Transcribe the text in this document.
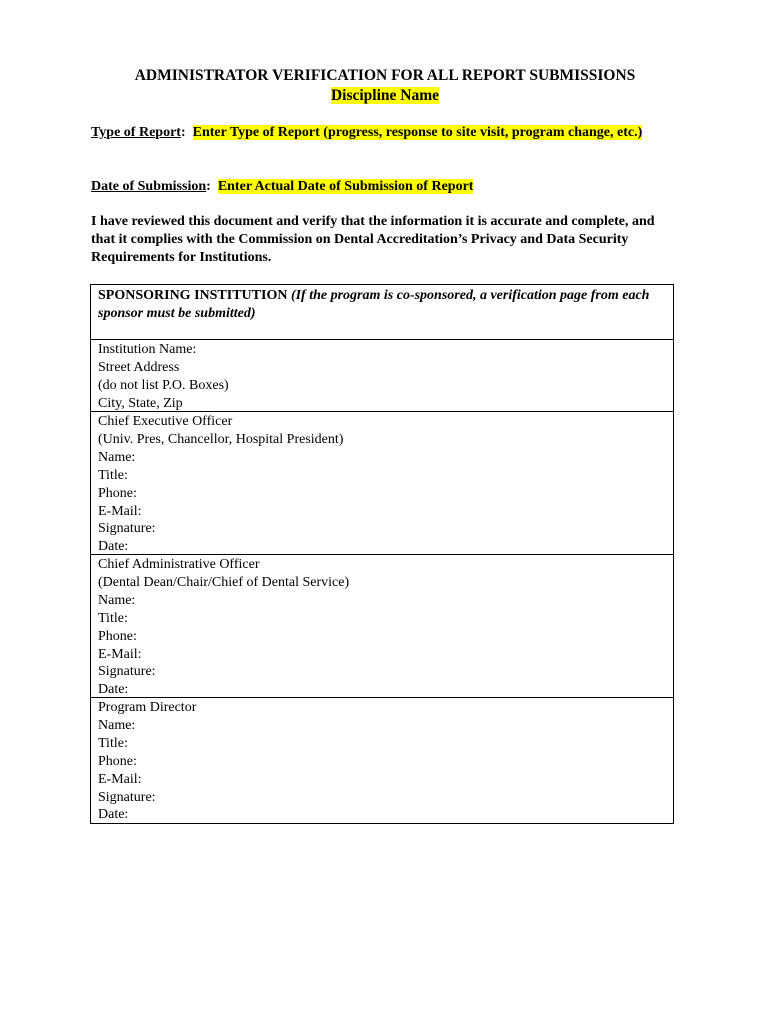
ADMINISTRATOR VERIFICATION FOR ALL REPORT SUBMISSIONS
Discipline Name
Type of Report: Enter Type of Report (progress, response to site visit, program change, etc.)
Date of Submission: Enter Actual Date of Submission of Report
I have reviewed this document and verify that the information it is accurate and complete, and that it complies with the Commission on Dental Accreditation’s Privacy and Data Security Requirements for Institutions.
SPONSORING INSTITUTION (If the program is co-sponsored, a verification page from each sponsor must be submitted)
Institution Name:
Street Address
(do not list P.O. Boxes)
City, State, Zip
Chief Executive Officer
(Univ. Pres, Chancellor, Hospital President)
Name:
Title:
Phone:
E-Mail:
Signature:
Date:
Chief Administrative Officer
(Dental Dean/Chair/Chief of Dental Service)
Name:
Title:
Phone:
E-Mail:
Signature:
Date:
Program Director
Name:
Title:
Phone:
E-Mail:
Signature:
Date:
